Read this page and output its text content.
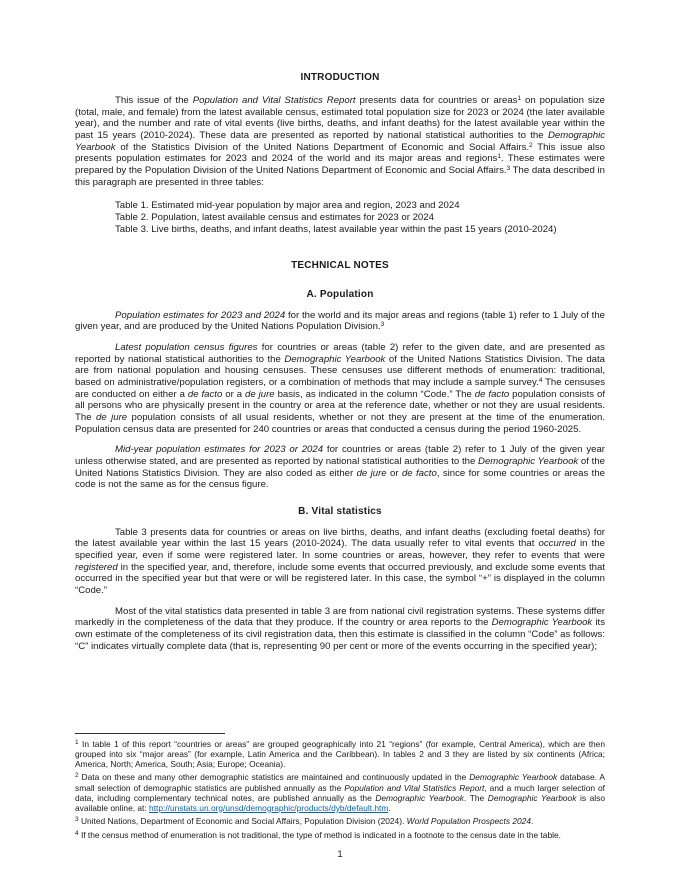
INTRODUCTION

This issue of the Population and Vital Statistics Report presents data for countries or areas$^1$ on population size (total, male, and female) from the latest available census, estimated total population size for 2023 or 2024 (the later available year), and the number and rate of vital events (live births, deaths, and infant deaths) for the latest available year within the past 15 years (2010-2024). These data are presented as reported by national statistical authorities to the Demographic Yearbook of the Statistics Division of the United Nations Department of Economic and Social Affairs.$^2$ This issue also presents population estimates for 2023 and 2024 of the world and its major areas and regions$^1$. These estimates were prepared by the Population Division of the United Nations Department of Economic and Social Affairs.$^3$ The data described in this paragraph are presented in three tables:

Table 1. Estimated mid-year population by major area and region, 2023 and 2024
Table 2. Population, latest available census and estimates for 2023 or 2024
Table 3. Live births, deaths, and infant deaths, latest available year within the past 15 years (2010-2024)
TECHNICAL NOTES
A. Population

Population estimates for 2023 and 2024 for the world and its major areas and regions (table 1) refer to 1 July of the given year, and are produced by the United Nations Population Division.$^3$

Latest population census figures for countries or areas (table 2) refer to the given date, and are presented as reported by national statistical authorities to the Demographic Yearbook of the United Nations Statistics Division. The data are from national population and housing censuses. These censuses use different methods of enumeration: traditional, based on administrative/population registers, or a combination of methods that may include a sample survey.$^4$ The censuses are conducted on either a de facto or a de jure basis, as indicated in the column “Code.” The de facto population consists of all persons who are physically present in the country or area at the reference date, whether or not they are usual residents. The de jure population consists of all usual residents, whether or not they are present at the time of the enumeration. Population census data are presented for 240 countries or areas that conducted a census during the period 1960-2025.

Mid-year population estimates for 2023 or 2024 for countries or areas (table 2) refer to 1 July of the given year unless otherwise stated, and are presented as reported by national statistical authorities to the Demographic Yearbook of the United Nations Statistics Division. They are also coded as either de jure or de facto, since for some countries or areas the code is not the same as for the census figure.

B. Vital statistics

Table 3 presents data for countries or areas on live births, deaths, and infant deaths (excluding foetal deaths) for the latest available year within the last 15 years (2010-2024). The data usually refer to vital events that occurred in the specified year, even if some were registered later. In some countries or areas, however, they refer to events that were registered in the specified year, and, therefore, include some events that occurred previously, and exclude some events that occurred in the specified year but that were or will be registered later. In this case, the symbol “+” is displayed in the column “Code.”

Most of the vital statistics data presented in table 3 are from national civil registration systems. These systems differ markedly in the completeness of the data that they produce. If the country or area reports to the Demographic Yearbook its own estimate of the completeness of its civil registration data, then this estimate is classified in the column “Code” as follows: “C” indicates virtually complete data (that is, representing 90 per cent or more of the events occurring in the specified year);

$^1$ In table 1 of this report “countries or areas” are grouped geographically into 21 “regions” (for example, Central America), which are then grouped into six “major areas” (for example, Latin America and the Caribbean). In tables 2 and 3 they are listed by six continents (Africa; America, North; America, South; Asia; Europe; Oceania).

$^2$ Data on these and many other demographic statistics are maintained and continuously updated in the Demographic Yearbook database. A small selection of demographic statistics are published annually as the Population and Vital Statistics Report, and a much larger selection of data, including complementary technical notes, are published annually as the Demographic Yearbook. The Demographic Yearbook is also available online, at: http://unstats.un.org/unsd/demographic/products/dyb/default.htm.

$^3$ United Nations, Department of Economic and Social Affairs, Population Division (2024). World Population Prospects 2024.

$^4$ If the census method of enumeration is not traditional, the type of method is indicated in a footnote to the census date in the table.

1
